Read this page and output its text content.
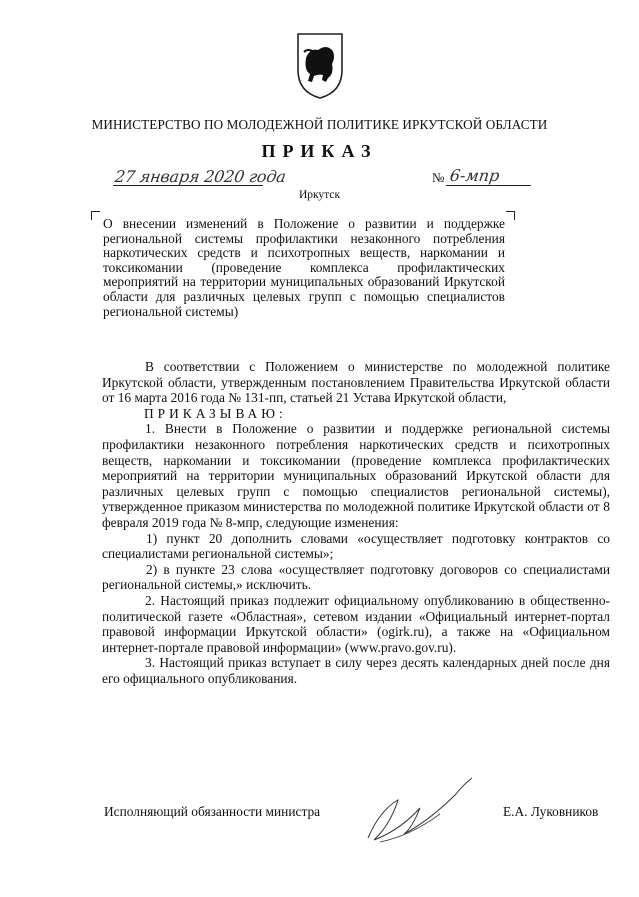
МИНИСТЕРСТВО ПО МОЛОДЕЖНОЙ ПОЛИТИКЕ ИРКУТСКОЙ ОБЛАСТИ
ПРИКАЗ
27 января 2020 года	№ 6-мпр
Иркутск
О внесении изменений в Положение о развитии и поддержке региональной системы профилактики незаконного потребления наркотических средств и психотропных веществ, наркомании и токсикомании (проведение комплекса профилактических мероприятий на территории муниципальных образований Иркутской области для различных целевых групп с помощью специалистов региональной системы)

В соответствии с Положением о министерстве по молодежной политике Иркутской области, утвержденным постановлением Правительства Иркутской области от 16 марта 2016 года № 131-пп, статьей 21 Устава Иркутской области,

ПРИКАЗЫВАЮ:

1. Внести в Положение о развитии и поддержке региональной системы профилактики незаконного потребления наркотических средств и психотропных веществ, наркомании и токсикомании (проведение комплекса профилактических мероприятий на территории муниципальных образований Иркутской области для различных целевых групп с помощью специалистов региональной системы), утвержденное приказом министерства по молодежной политике Иркутской области от 8 февраля 2019 года № 8-мпр, следующие изменения:

1) пункт 20 дополнить словами «осуществляет подготовку контрактов со специалистами региональной системы»;

2) в пункте 23 слова «осуществляет подготовку договоров со специалистами региональной системы,» исключить.

2. Настоящий приказ подлежит официальному опубликованию в общественно-политической газете «Областная», сетевом издании «Официальный интернет-портал правовой информации Иркутской области» (ogirk.ru), а также на «Официальном интернет-портале правовой информации» (www.pravo.gov.ru).

3. Настоящий приказ вступает в силу через десять календарных дней после дня его официального опубликования.

Исполняющий обязанности министра	Е.А. Луковников
